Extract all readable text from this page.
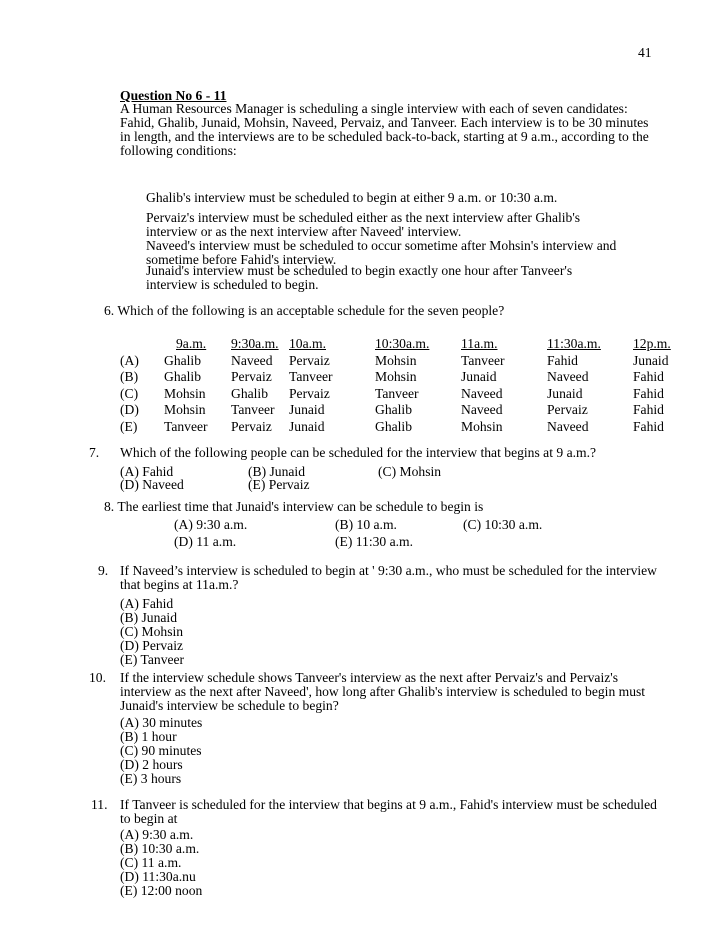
41
Question No 6 - 11
A Human Resources Manager is scheduling a single interview with each of seven candidates:
Fahid, Ghalib, Junaid, Mohsin, Naveed, Pervaiz, and Tanveer. Each interview is to be 30 minutes
in length, and the interviews are to be scheduled back-to-back, starting at 9 a.m., according to the
following conditions:
Ghalib's interview must be scheduled to begin at either 9 a.m. or 10:30 a.m.
Pervaiz's interview must be scheduled either as the next interview after Ghalib's
interview or as the next interview after Naveed' interview.
Naveed's interview must be scheduled to occur sometime after Mohsin's interview and
sometime before Fahid's interview.
Junaid's interview must be scheduled to begin exactly one hour after Tanveer's
interview is scheduled to begin.
6. Which of the following is an acceptable schedule for the seven people?
	9a.m.	9:30a.m.	10a.m.	10:30a.m.	11a.m.	11:30a.m.	12p.m.
(A)	Ghalib	Naveed	Pervaiz	Mohsin	Tanveer	Fahid	Junaid
(B)	Ghalib	Pervaiz	Tanveer	Mohsin	Junaid	Naveed	Fahid
(C)	Mohsin	Ghalib	Pervaiz	Tanveer	Naveed	Junaid	Fahid
(D)	Mohsin	Tanveer	Junaid	Ghalib	Naveed	Pervaiz	Fahid
(E)	Tanveer	Pervaiz	Junaid	Ghalib	Mohsin	Naveed	Fahid
7. Which of the following people can be scheduled for the interview that begins at 9 a.m.?
(A) Fahid	(B) Junaid	(C) Mohsin
(D) Naveed	(E) Pervaiz
8. The earliest time that Junaid's interview can be schedule to begin is
(A) 9:30 a.m.	(B) 10 a.m.	(C) 10:30 a.m.
(D) 11 a.m.	(E) 11:30 a.m.
9. If Naveed’s interview is scheduled to begin at ' 9:30 a.m., who must be scheduled for the interview
that begins at 11a.m.?
(A) Fahid
(B) Junaid
(C) Mohsin
(D) Pervaiz
(E) Tanveer
10. If the interview schedule shows Tanveer's interview as the next after Pervaiz's and Pervaiz's
interview as the next after Naveed', how long after Ghalib's interview is scheduled to begin must
Junaid's interview be schedule to begin?
(A) 30 minutes
(B) 1 hour
(C) 90 minutes
(D) 2 hours
(E) 3 hours
11. If Tanveer is scheduled for the interview that begins at 9 a.m., Fahid's interview must be scheduled
to begin at
(A) 9:30 a.m.
(B) 10:30 a.m.
(C) 11 a.m.
(D) 11:30a.nu
(E) 12:00 noon
